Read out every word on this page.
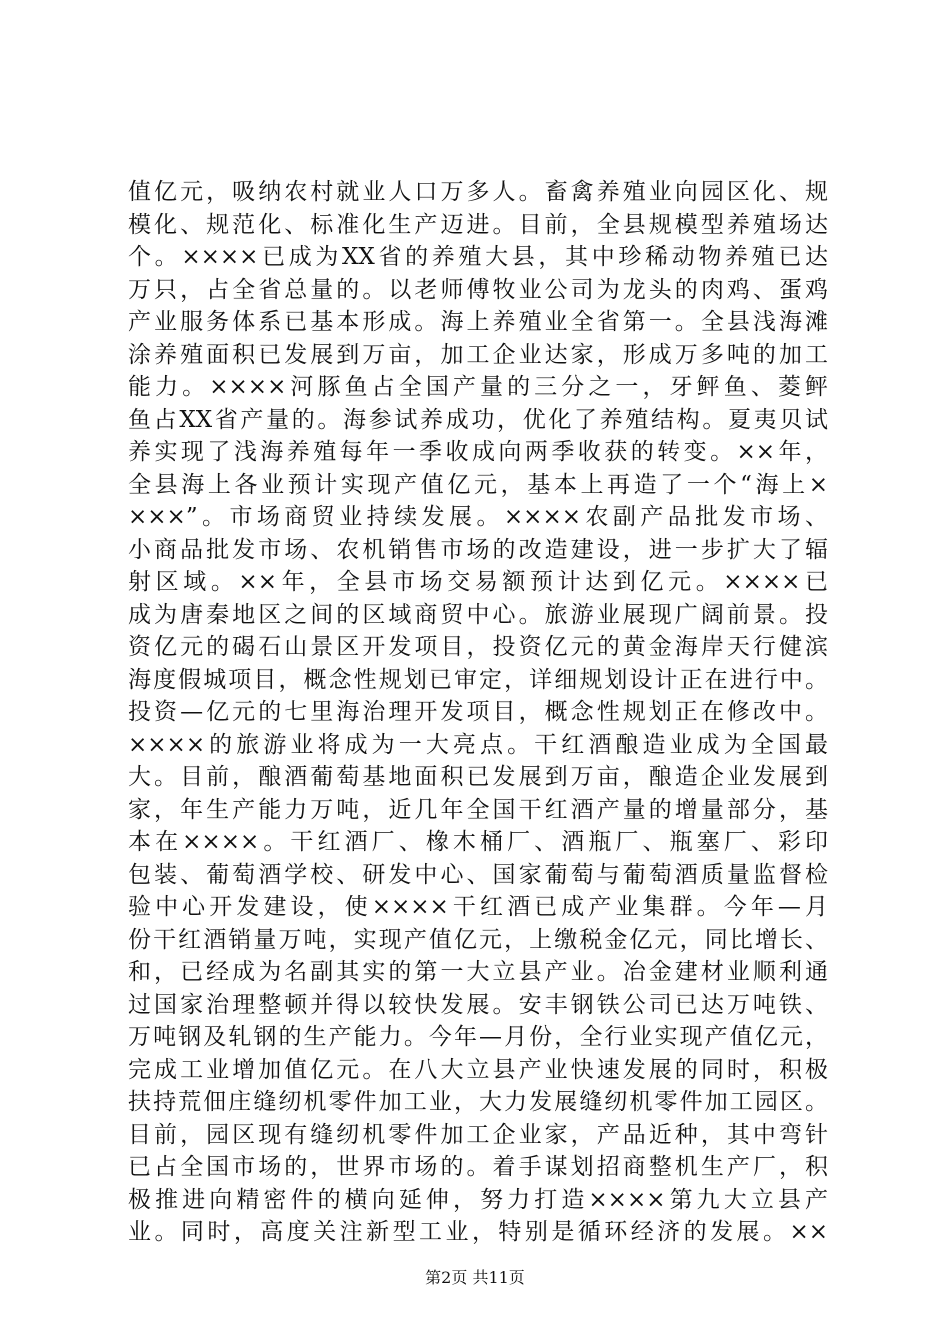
值亿元，吸纳农村就业人口万多人。畜禽养殖业向园区化、规
模化、规范化、标准化生产迈进。目前，全县规模型养殖场达
个。××××已成为XX省的养殖大县，其中珍稀动物养殖已达
万只，占全省总量的。以老师傅牧业公司为龙头的肉鸡、蛋鸡
产业服务体系已基本形成。海上养殖业全省第一。全县浅海滩
涂养殖面积已发展到万亩，加工企业达家，形成万多吨的加工
能力。××××河豚鱼占全国产量的三分之一，牙鲆鱼、菱鲆
鱼占XX省产量的。海参试养成功，优化了养殖结构。夏夷贝试
养实现了浅海养殖每年一季收成向两季收获的转变。××年，
全县海上各业预计实现产值亿元，基本上再造了一个“海上×
×××”。市场商贸业持续发展。××××农副产品批发市场、
小商品批发市场、农机销售市场的改造建设，进一步扩大了辐
射区域。××年，全县市场交易额预计达到亿元。××××已
成为唐秦地区之间的区域商贸中心。旅游业展现广阔前景。投
资亿元的碣石山景区开发项目，投资亿元的黄金海岸天行健滨
海度假城项目，概念性规划已审定，详细规划设计正在进行中。
投资—亿元的七里海治理开发项目，概念性规划正在修改中。
××××的旅游业将成为一大亮点。干红酒酿造业成为全国最
大。目前，酿酒葡萄基地面积已发展到万亩，酿造企业发展到
家，年生产能力万吨，近几年全国干红酒产量的增量部分，基
本在××××。干红酒厂、橡木桶厂、酒瓶厂、瓶塞厂、彩印
包装、葡萄酒学校、研发中心、国家葡萄与葡萄酒质量监督检
验中心开发建设，使××××干红酒已成产业集群。今年—月
份干红酒销量万吨，实现产值亿元，上缴税金亿元，同比增长、
和，已经成为名副其实的第一大立县产业。冶金建材业顺利通
过国家治理整顿并得以较快发展。安丰钢铁公司已达万吨铁、
万吨钢及轧钢的生产能力。今年—月份，全行业实现产值亿元，
完成工业增加值亿元。在八大立县产业快速发展的同时，积极
扶持荒佃庄缝纫机零件加工业，大力发展缝纫机零件加工园区。
目前，园区现有缝纫机零件加工企业家，产品近种，其中弯针
已占全国市场的，世界市场的。着手谋划招商整机生产厂，积
极推进向精密件的横向延伸，努力打造××××第九大立县产
业。同时，高度关注新型工业，特别是循环经济的发展。××
第2页 共11页
